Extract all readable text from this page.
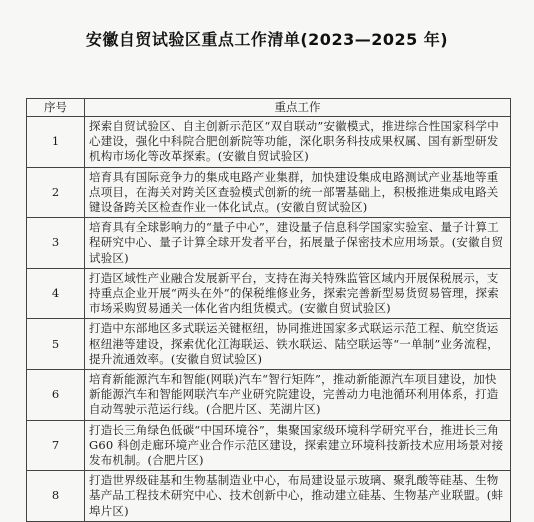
安徽自贸试验区重点工作清单(2023—2025 年)
序号	重点工作
1	探索自贸试验区、自主创新示范区“双自联动”安徽模式，推进综合性国家科学中心建设，强化中科院合肥创新院等功能，深化职务科技成果权属、国有新型研发机构市场化等改革探索。(安徽自贸试验区)
2	培育具有国际竞争力的集成电路产业集群，加快建设集成电路测试产业基地等重点项目，在海关对跨关区查验模式创新的统一部署基础上，积极推进集成电路关键设备跨关区检查作业一体化试点。(安徽自贸试验区)
3	培育具有全球影响力的“量子中心”，建设量子信息科学国家实验室、量子计算工程研究中心、量子计算全球开发者平台，拓展量子保密技术应用场景。(安徽自贸试验区)
4	打造区域性产业融合发展新平台，支持在海关特殊监管区域内开展保税展示，支持重点企业开展“两头在外”的保税维修业务，探索完善新型易货贸易管理，探索市场采购贸易通关一体化省内组货模式。(安徽自贸试验区)
5	打造中东部地区多式联运关键枢纽，协同推进国家多式联运示范工程、航空货运枢纽港等建设，探索优化江海联运、铁水联运、陆空联运等“一单制”业务流程，提升流通效率。(安徽自贸试验区)
6	培育新能源汽车和智能(网联)汽车“智行矩阵”，推动新能源汽车项目建设，加快新能源汽车和智能网联汽车产业研究院建设，完善动力电池循环利用体系，打造自动驾驶示范运行线。(合肥片区、芜湖片区)
7	打造长三角绿色低碳“中国环境谷”，集聚国家级环境科学研究平台，推进长三角 G60 科创走廊环境产业合作示范区建设，探索建立环境科技新技术应用场景对接发布机制。(合肥片区)
8	打造世界级硅基和生物基制造业中心，布局建设显示玻璃、聚乳酸等硅基、生物基产品工程技术研究中心、技术创新中心，推动建立硅基、生物基产业联盟。(蚌埠片区)
